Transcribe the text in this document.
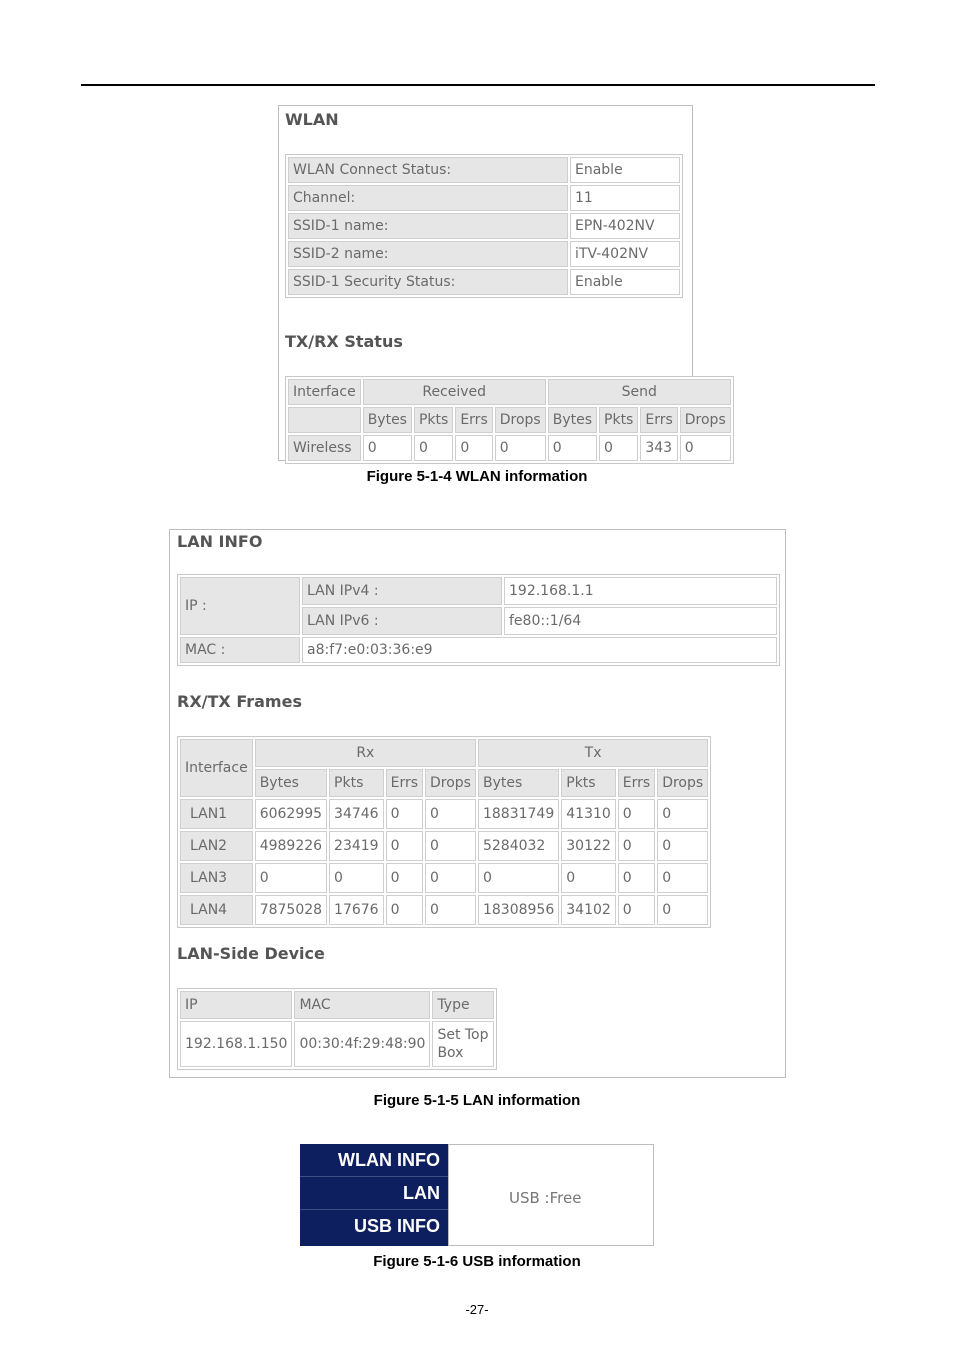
WLAN
WLAN Connect Status:	Enable
Channel:	11
SSID-1 name:	EPN-402NV
SSID-2 name:	iTV-402NV
SSID-1 Security Status:	Enable
TX/RX Status
Interface	Received				Send			
	Bytes	Pkts	Errs	Drops	Bytes	Pkts	Errs	Drops
Wireless	0	0	0	0	0	0	343	0
Figure 5-1-4 WLAN information
LAN INFO
IP :	LAN IPv4 :	192.168.1.1
	LAN IPv6 :	fe80::1/64
MAC :	a8:f7:e0:03:36:e9	
RX/TX Frames
Interface	Rx				Tx			
	Bytes	Pkts	Errs	Drops	Bytes	Pkts	Errs	Drops
LAN1	6062995	34746	0	0	18831749	41310	0	0
LAN2	4989226	23419	0	0	5284032	30122	0	0
LAN3	0	0	0	0	0	0	0	0
LAN4	7875028	17676	0	0	18308956	34102	0	0
LAN-Side Device
IP	MAC	Type
192.168.1.150	00:30:4f:29:48:90	Set Top
Box
Figure 5-1-5 LAN information
WLAN INFO
LAN
USB INFO
USB :Free
Figure 5-1-6 USB information
-27-
